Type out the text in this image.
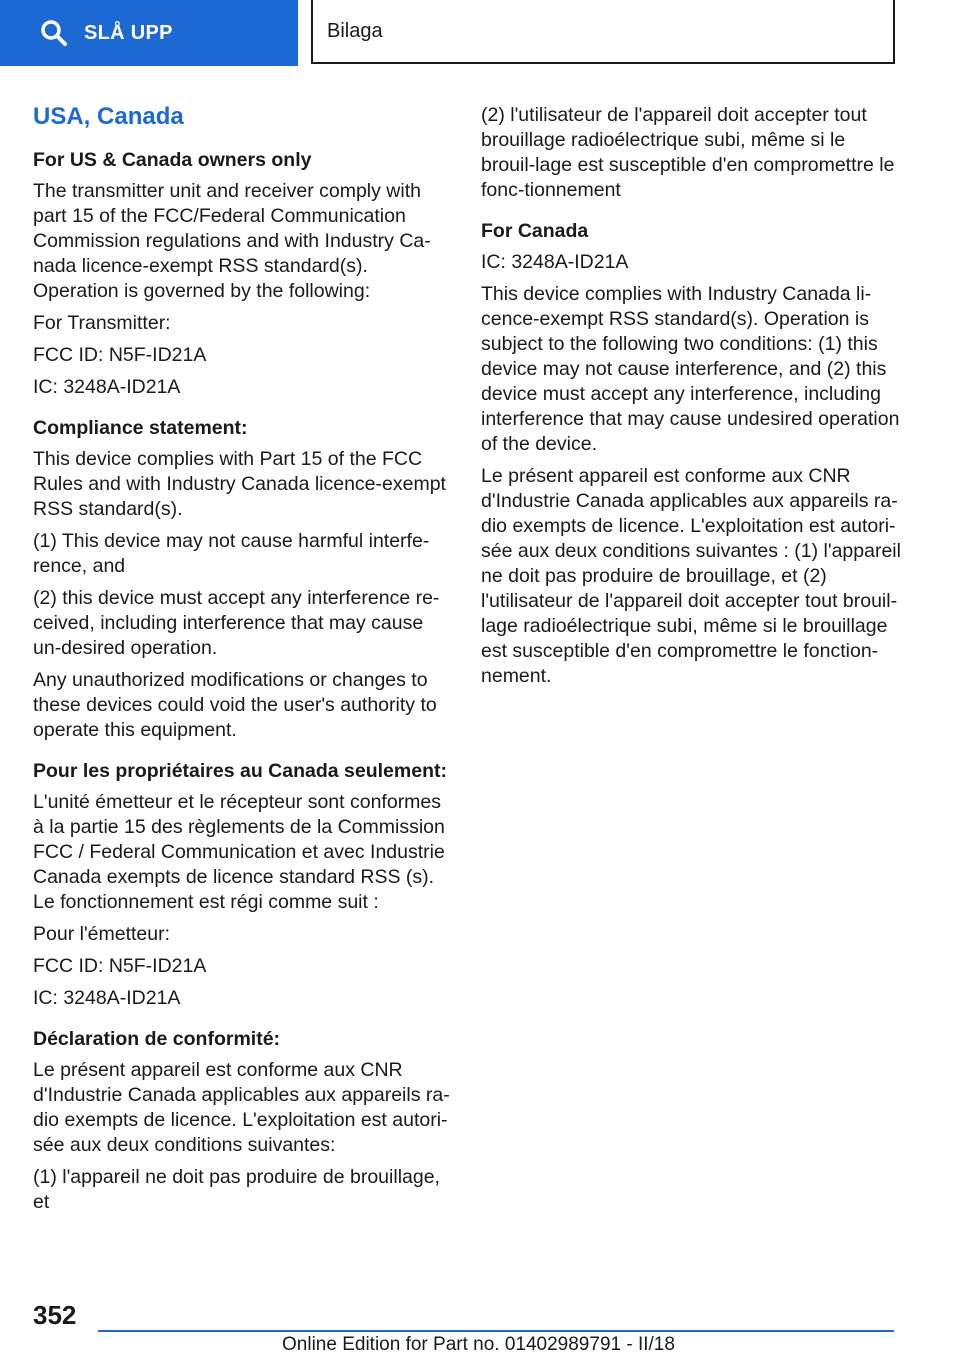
SLÅ UPP	Bilaga
USA, Canada
For US & Canada owners only
The transmitter unit and receiver comply with part 15 of the FCC/Federal Communication Commission regulations and with Industry Ca-nada licence-exempt RSS standard(s). Operation is governed by the following:
For Transmitter:
FCC ID: N5F-ID21A
IC: 3248A-ID21A
Compliance statement:
This device complies with Part 15 of the FCC Rules and with Industry Canada licence-exempt RSS standard(s).
(1) This device may not cause harmful interfe-rence, and
(2) this device must accept any interference re-ceived, including interference that may cause un-desired operation.
Any unauthorized modifications or changes to these devices could void the user's authority to operate this equipment.
Pour les propriétaires au Canada seulement:
L'unité émetteur et le récepteur sont conformes à la partie 15 des règlements de la Commission FCC / Federal Communication et avec Industrie Canada exempts de licence standard RSS (s). Le fonctionnement est régi comme suit :
Pour l'émetteur:
FCC ID: N5F-ID21A
IC: 3248A-ID21A
Déclaration de conformité:
Le présent appareil est conforme aux CNR d'Industrie Canada applicables aux appareils ra-dio exempts de licence. L'exploitation est autori-sée aux deux conditions suivantes:
(1) l'appareil ne doit pas produire de brouillage, et
(2) l'utilisateur de l'appareil doit accepter tout brouillage radioélectrique subi, même si le brouil-lage est susceptible d'en compromettre le fonc-tionnement
For Canada
IC: 3248A-ID21A
This device complies with Industry Canada li-cence-exempt RSS standard(s). Operation is subject to the following two conditions: (1) this device may not cause interference, and (2) this device must accept any interference, including interference that may cause undesired operation of the device.
Le présent appareil est conforme aux CNR d'Industrie Canada applicables aux appareils ra-dio exempts de licence. L'exploitation est autori-sée aux deux conditions suivantes : (1) l'appareil ne doit pas produire de brouillage, et (2) l'utilisateur de l'appareil doit accepter tout brouil-lage radioélectrique subi, même si le brouillage est susceptible d'en compromettre le fonction-nement.
352
Online Edition for Part no. 01402989791 - II/18
